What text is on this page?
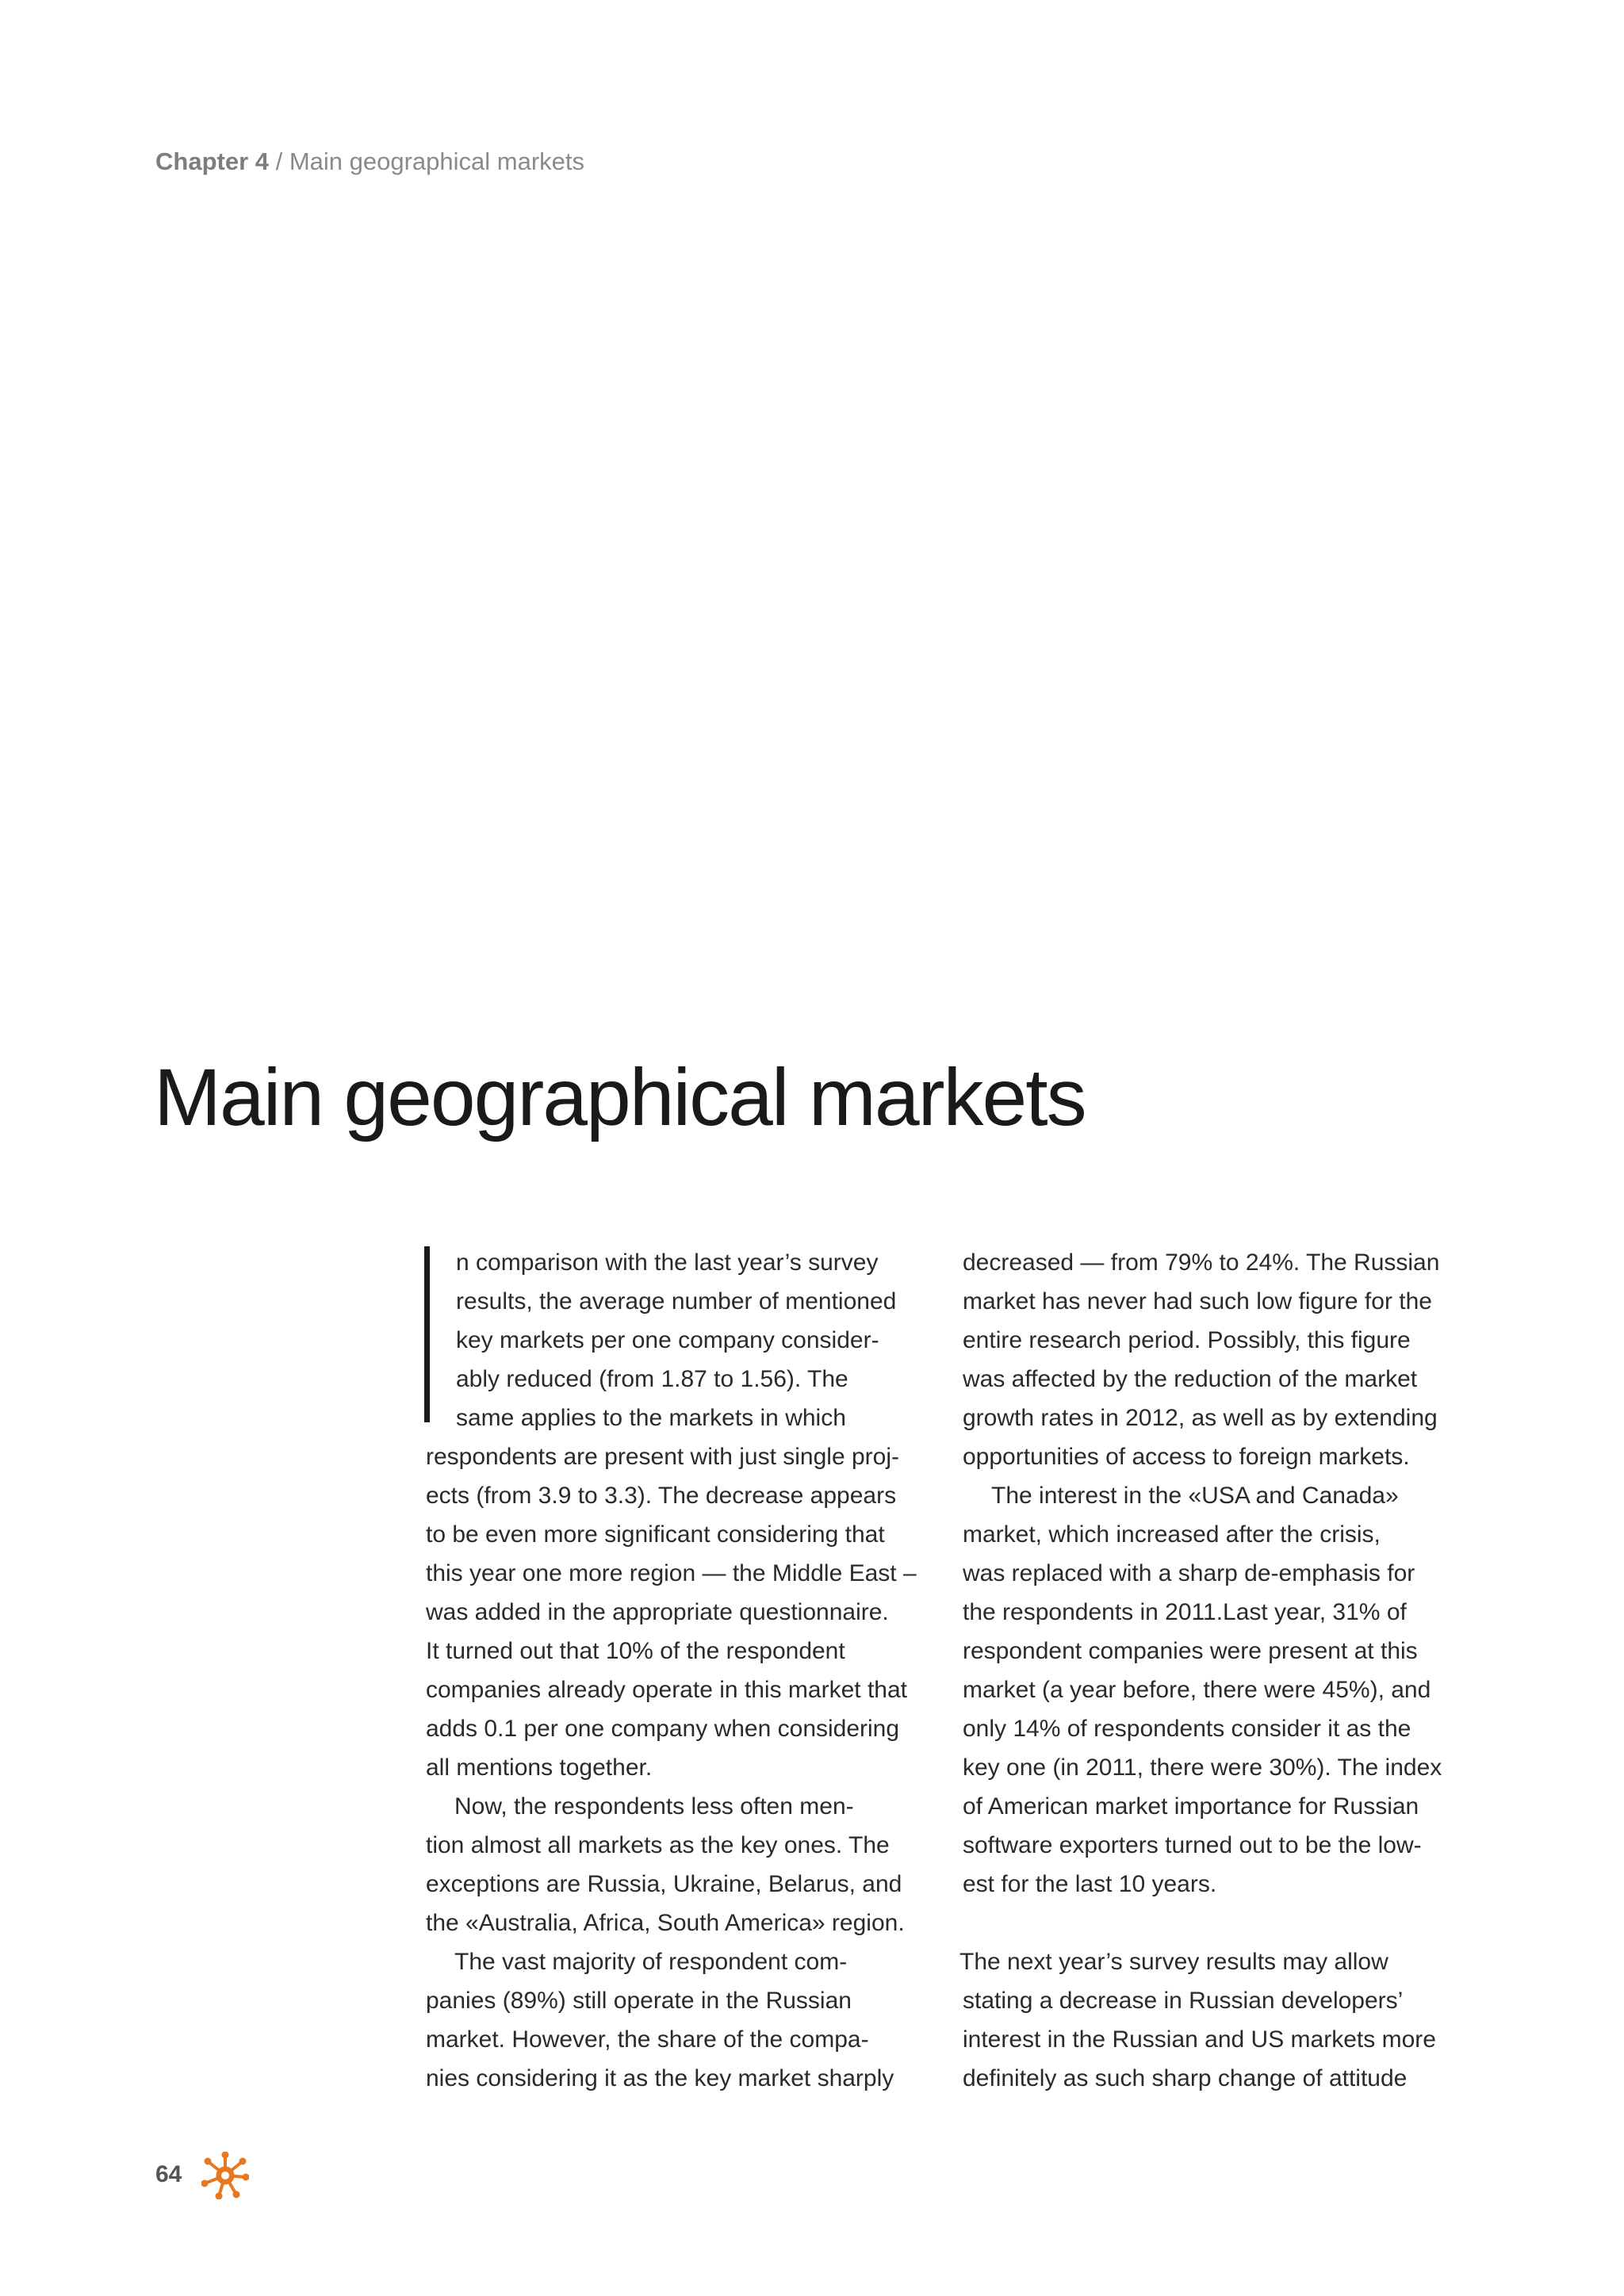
Chapter 4 / Main geographical markets
Main geographical markets
n comparison with the last year’s survey
results, the average number of mentioned
key markets per one company consider-
ably reduced (from 1.87 to 1.56). The
same applies to the markets in which
respondents are present with just single proj-
ects (from 3.9 to 3.3). The decrease appears
to be even more significant considering that
this year one more region — the Middle East –
was added in the appropriate questionnaire.
It turned out that 10% of the respondent
companies already operate in this market that
adds 0.1 per one company when considering
all mentions together.
Now, the respondents less often men-
tion almost all markets as the key ones. The
exceptions are Russia, Ukraine, Belarus, and
the «Australia, Africa, South America» region.
The vast majority of respondent com-
panies (89%) still operate in the Russian
market. However, the share of the compa-
nies considering it as the key market sharply
decreased — from 79% to 24%. The Russian
market has never had such low figure for the
entire research period. Possibly, this figure
was affected by the reduction of the market
growth rates in 2012, as well as by extending
opportunities of access to foreign markets.
The interest in the «USA and Canada»
market, which increased after the crisis,
was replaced with a sharp de-emphasis for
the respondents in 2011.Last year, 31% of
respondent companies were present at this
market (a year before, there were 45%), and
only 14% of respondents consider it as the
key one (in 2011, there were 30%). The index
of American market importance for Russian
software exporters turned out to be the low-
est for the last 10 years.
The next year’s survey results may allow
stating a decrease in Russian developers’
interest in the Russian and US markets more
definitely as such sharp change of attitude
64
